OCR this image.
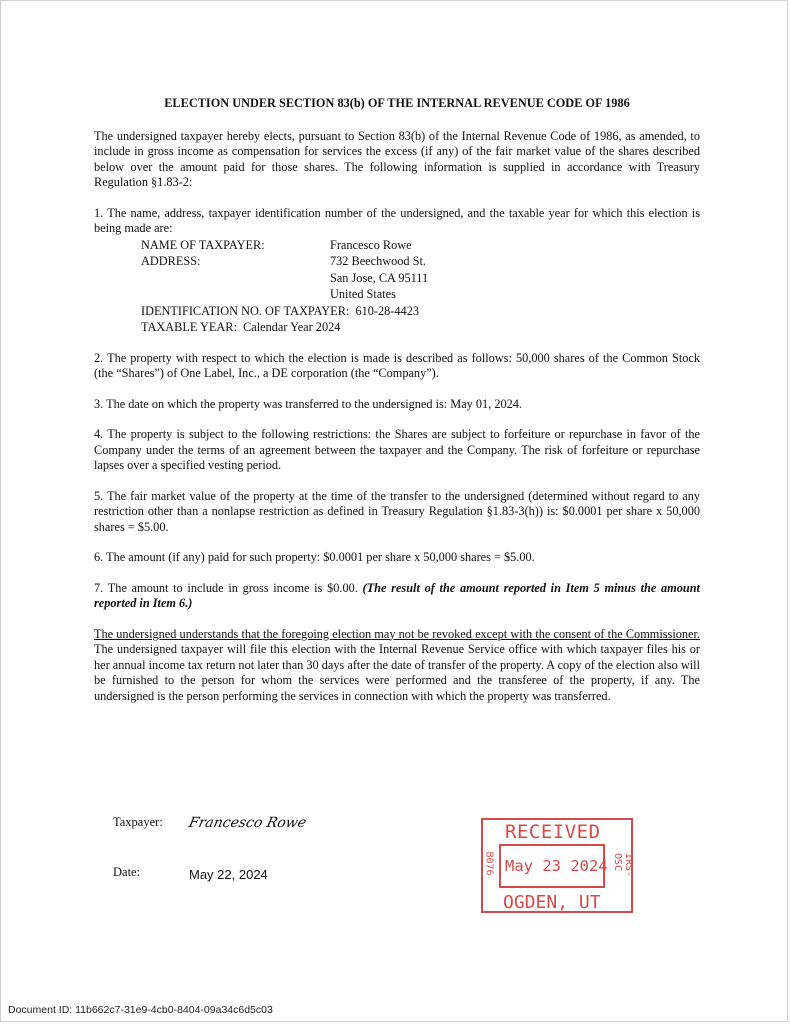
ELECTION UNDER SECTION 83(b) OF THE INTERNAL REVENUE CODE OF 1986

The undersigned taxpayer hereby elects, pursuant to Section 83(b) of the Internal Revenue Code of 1986, as amended, to include in gross income as compensation for services the excess (if any) of the fair market value of the shares described below over the amount paid for those shares. The following information is supplied in accordance with Treasury Regulation §1.83-2:

1. The name, address, taxpayer identification number of the undersigned, and the taxable year for which this election is being made are:

NAME OF TAXPAYER:	Francesco Rowe
ADDRESS:	732 Beechwood St.
	San Jose, CA 95111
	United States
IDENTIFICATION NO. OF TAXPAYER: 610-28-4423	
TAXABLE YEAR: Calendar Year 2024	

2. The property with respect to which the election is made is described as follows: 50,000 shares of the Common Stock (the “Shares”) of One Label, Inc., a DE corporation (the “Company”).

3. The date on which the property was transferred to the undersigned is: May 01, 2024.

4. The property is subject to the following restrictions: the Shares are subject to forfeiture or repurchase in favor of the Company under the terms of an agreement between the taxpayer and the Company. The risk of forfeiture or repurchase lapses over a specified vesting period.

5. The fair market value of the property at the time of the transfer to the undersigned (determined without regard to any restriction other than a nonlapse restriction as defined in Treasury Regulation §1.83-3(h)) is: $0.0001 per share x 50,000 shares = $5.00.

6. The amount (if any) paid for such property: $0.0001 per share x 50,000 shares = $5.00.

7. The amount to include in gross income is $0.00. (The result of the amount reported in Item 5 minus the amount reported in Item 6.)

The undersigned understands that the foregoing election may not be revoked except with the consent of the Commissioner. The undersigned taxpayer will file this election with the Internal Revenue Service office with which taxpayer files his or her annual income tax return not later than 30 days after the date of transfer of the property. A copy of the election also will be furnished to the person for whom the services were performed and the transferee of the property, if any. The undersigned is the person performing the services in connection with which the property was transferred.

Taxpayer: Francesco Rowe
Date:	May 22, 2024
RECEIVED
May 23 2024
OGDEN, UT
B076	IRS-OSC
Document ID: 11b662c7-31e9-4cb0-8404-09a34c6d5c03
